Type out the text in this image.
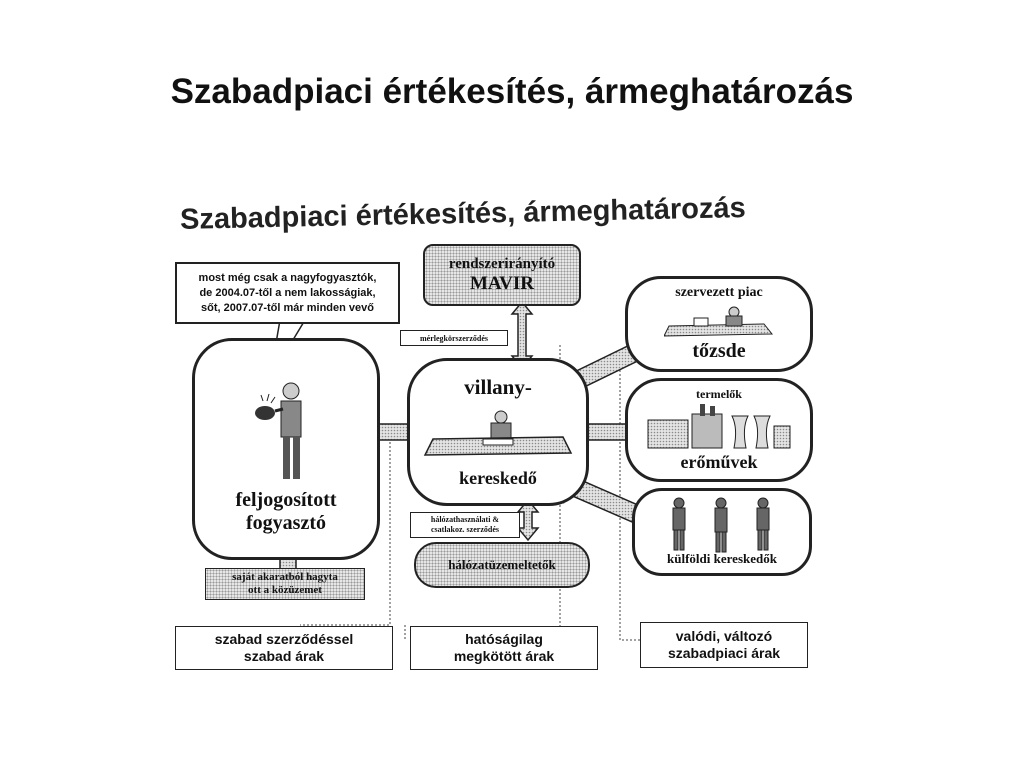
Szabadpiaci értékesítés, ármeghatározás
Szabadpiaci értékesítés, ármeghatározás
most még csak a nagyfogyasztók,
de 2004.07-től a nem lakosságiak,
sőt, 2007.07-től már minden vevő
rendszerirányító
MAVIR
mérlegkörszerződés
feljogosított
fogyasztó
villany-
kereskedő
hálózathasználati &
csatlakoz. szerződés
hálózatüzemeltetők
saját akaratból hagyta
ott a közüzemet
szervezett piac
tőzsde
termelők
erőművek
külföldi kereskedők
szabad szerződéssel
szabad árak
hatóságilag
megkötött árak
valódi, változó
szabadpiaci árak
